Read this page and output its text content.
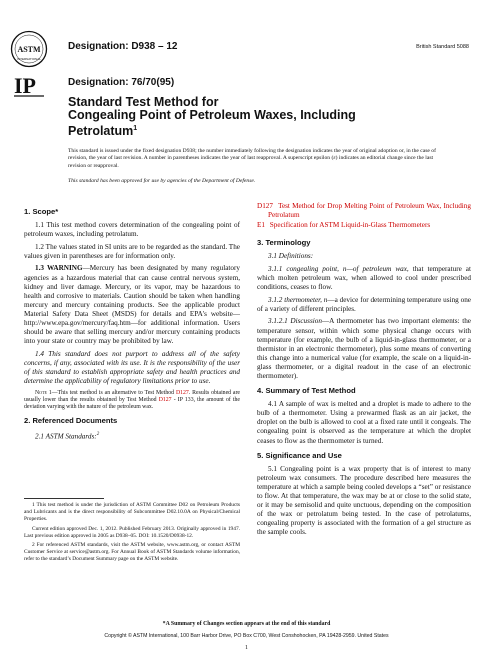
ASTM
INTERNATIONAL
Designation: D938 – 12	British Standard 5088
IP	Designation: 76/70(95)
Standard Test Method for
Congealing Point of Petroleum Waxes, Including Petrolatum$^1$
This standard is issued under the fixed designation D938; the number immediately following the designation indicates the year of original adoption or, in the case of revision, the year of last revision. A number in parentheses indicates the year of last reapproval. A superscript epsilon (ε) indicates an editorial change since the last revision or reapproval.
This standard has been approved for use by agencies of the Department of Defense.

1. Scope*

1.1 This test method covers determination of the congealing point of petroleum waxes, including petrolatum.

1.2 The values stated in SI units are to be regarded as the standard. The values given in parentheses are for information only.

1.3 WARNING—Mercury has been designated by many regulatory agencies as a hazardous material that can cause central nervous system, kidney and liver damage. Mercury, or its vapor, may be hazardous to health and corrosive to materials. Caution should be taken when handling mercury and mercury containing products. See the applicable product Material Safety Data Sheet (MSDS) for details and EPA's website—http://www.epa.gov/mercury/faq.htm—for additional information. Users should be aware that selling mercury and/or mercury containing products into your state or country may be prohibited by law.

1.4 This standard does not purport to address all of the safety concerns, if any, associated with its use. It is the responsibility of the user of this standard to establish appropriate safety and health practices and determine the applicability of regulatory limitations prior to use.

Note 1—This test method is an alternative to Test Method D127. Results obtained are usually lower than the results obtained by Test Method D127 - IP 133, the amount of the deviation varying with the nature of the petroleum wax.

2. Referenced Documents

2.1 ASTM Standards:$^2$

1 This test method is under the jurisdiction of ASTM Committee D02 on Petroleum Products and Lubricants and is the direct responsibility of Subcommittee D02.10.0A on Physical/Chemical Properties.

Current edition approved Dec. 1, 2012. Published February 2013. Originally approved in 1947. Last previous edition approved in 2005 as D938–05. DOI: 10.1520/D0938-12.

2 For referenced ASTM standards, visit the ASTM website, www.astm.org, or contact ASTM Customer Service at service@astm.org. For Annual Book of ASTM Standards volume information, refer to the standard’s Document Summary page on the ASTM website.

D127 Test Method for Drop Melting Point of Petroleum Wax, Including Petrolatum

E1 Specification for ASTM Liquid-in-Glass Thermometers

3. Terminology

3.1 Definitions:

3.1.1 congealing point, n—of petroleum wax, that temperature at which molten petroleum wax, when allowed to cool under prescribed conditions, ceases to flow.

3.1.2 thermometer, n—a device for determining temperature using one of a variety of different principles.

3.1.2.1 Discussion—A thermometer has two important elements: the temperature sensor, within which some physical change occurs with temperature (for example, the bulb of a liquid-in-glass thermometer, or a thermistor in an electronic thermometer), plus some means of converting this change into a numerical value (for example, the scale on a liquid-in-glass thermometer, or a digital readout in the case of an electronic thermometer).

4. Summary of Test Method

4.1 A sample of wax is melted and a droplet is made to adhere to the bulb of a thermometer. Using a prewarmed flask as an air jacket, the droplet on the bulb is allowed to cool at a fixed rate until it congeals. The congealing point is observed as the temperature at which the droplet ceases to flow as the thermometer is turned.

5. Significance and Use

5.1 Congealing point is a wax property that is of interest to many petroleum wax consumers. The procedure described here measures the temperature at which a sample being cooled develops a “set” or resistance to flow. At that temperature, the wax may be at or close to the solid state, or it may be semisolid and quite unctuous, depending on the composition of the wax or petrolatum being tested. In the case of petrolatums, congealing property is associated with the formation of a gel structure as the sample cools.

*A Summary of Changes section appears at the end of this standard
Copyright © ASTM International, 100 Barr Harbor Drive, PO Box C700, West Conshohocken, PA 19428-2959. United States
1
